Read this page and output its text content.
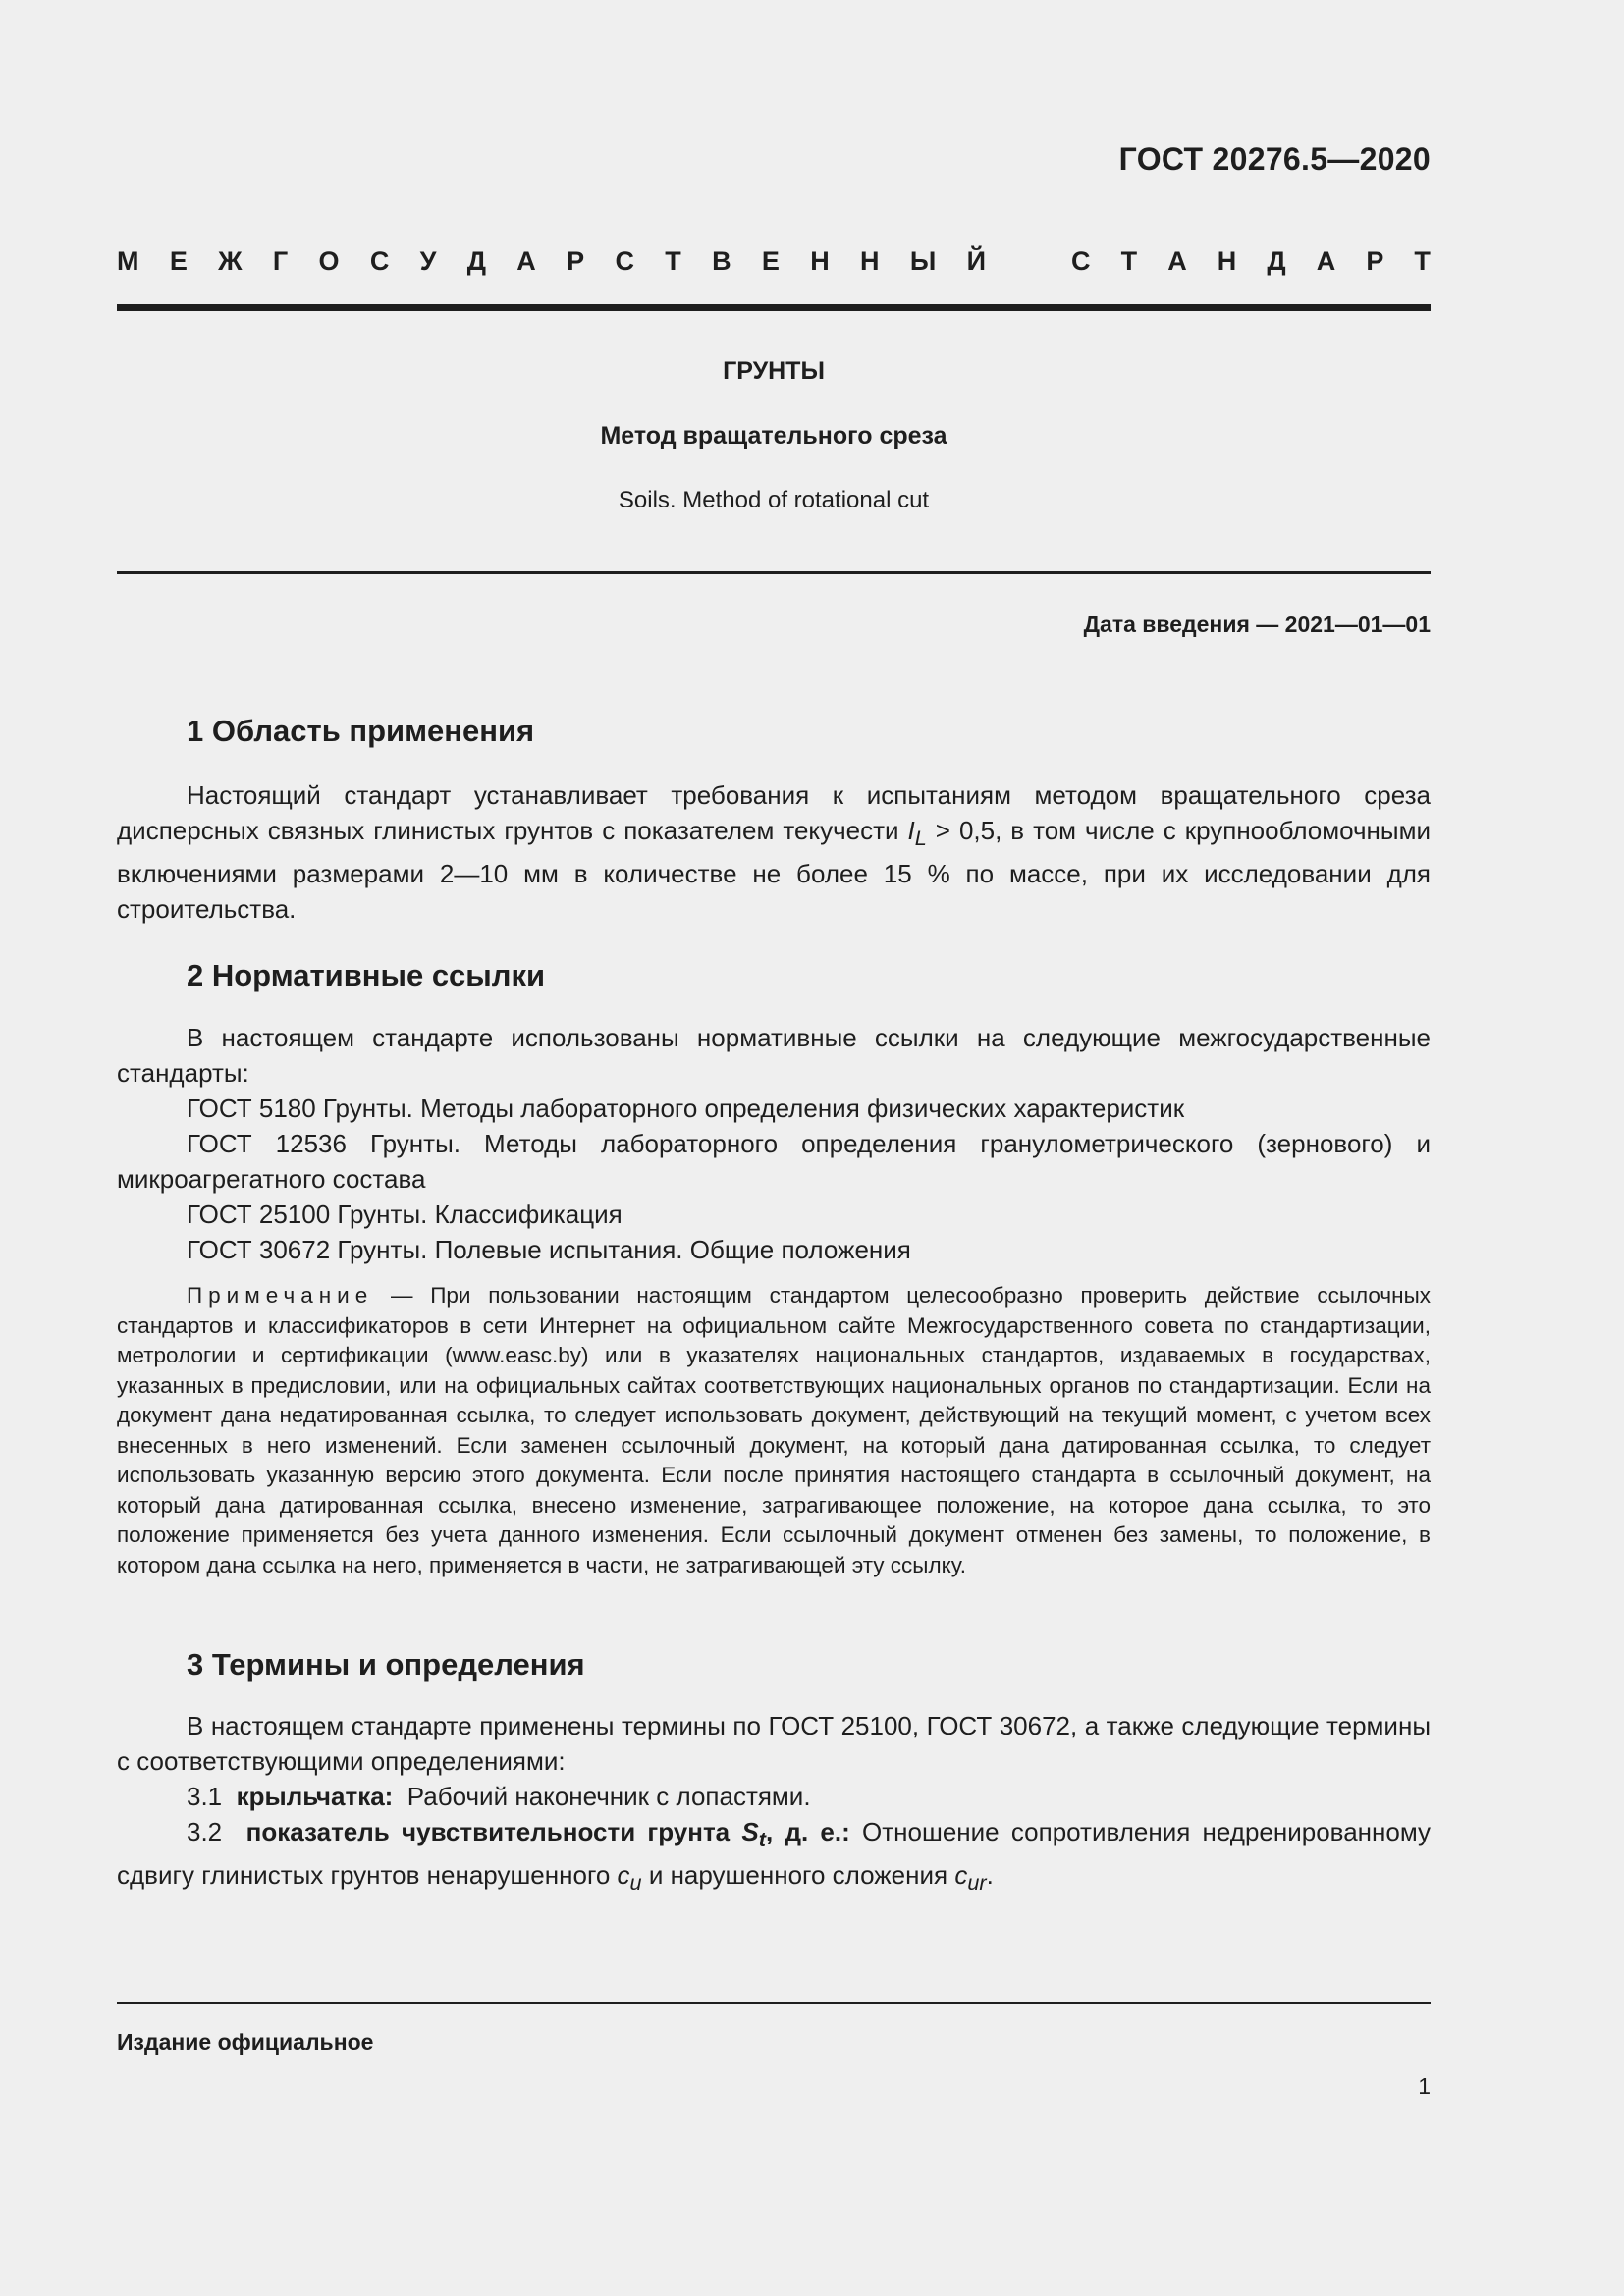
ГОСТ 20276.5—2020
М Е Ж Г О С У Д А Р С Т В Е Н Н Ы Й	С Т А Н Д А Р Т
ГРУНТЫ
Метод вращательного среза
Soils. Method of rotational cut
Дата введения — 2021—01—01
1 Область применения
Настоящий стандарт устанавливает требования к испытаниям методом вращательного среза дисперсных связных глинистых грунтов с показателем текучести $I_L > 0,5$, в том числе с крупнообломочными включениями размерами 2—10 мм в количестве не более 15 % по массе, при их исследовании для строительства.
2 Нормативные ссылки
В настоящем стандарте использованы нормативные ссылки на следующие межгосударственные стандарты:
ГОСТ 5180 Грунты. Методы лабораторного определения физических характеристик
ГОСТ 12536 Грунты. Методы лабораторного определения гранулометрического (зернового) и микроагрегатного состава
ГОСТ 25100 Грунты. Классификация
ГОСТ 30672 Грунты. Полевые испытания. Общие положения
Примечание — При пользовании настоящим стандартом целесообразно проверить действие ссылочных стандартов и классификаторов в сети Интернет на официальном сайте Межгосударственного совета по стандартизации, метрологии и сертификации (www.easc.by) или в указателях национальных стандартов, издаваемых в государствах, указанных в предисловии, или на официальных сайтах соответствующих национальных органов по стандартизации. Если на документ дана недатированная ссылка, то следует использовать документ, действующий на текущий момент, с учетом всех внесенных в него изменений. Если заменен ссылочный документ, на который дана датированная ссылка, то следует использовать указанную версию этого документа. Если после принятия настоящего стандарта в ссылочный документ, на который дана датированная ссылка, внесено изменение, затрагивающее положение, на которое дана ссылка, то это положение применяется без учета данного изменения. Если ссылочный документ отменен без замены, то положение, в котором дана ссылка на него, применяется в части, не затрагивающей эту ссылку.
3 Термины и определения
В настоящем стандарте применены термины по ГОСТ 25100, ГОСТ 30672, а также следующие термины с соответствующими определениями:
3.1 крыльчатка: Рабочий наконечник с лопастями.
3.2 показатель чувствительности грунта $S_t$, д. е.: Отношение сопротивления недренированному сдвигу глинистых грунтов ненарушенного $c_u$ и нарушенного сложения $c_{ur}$.
Издание официальное
1
